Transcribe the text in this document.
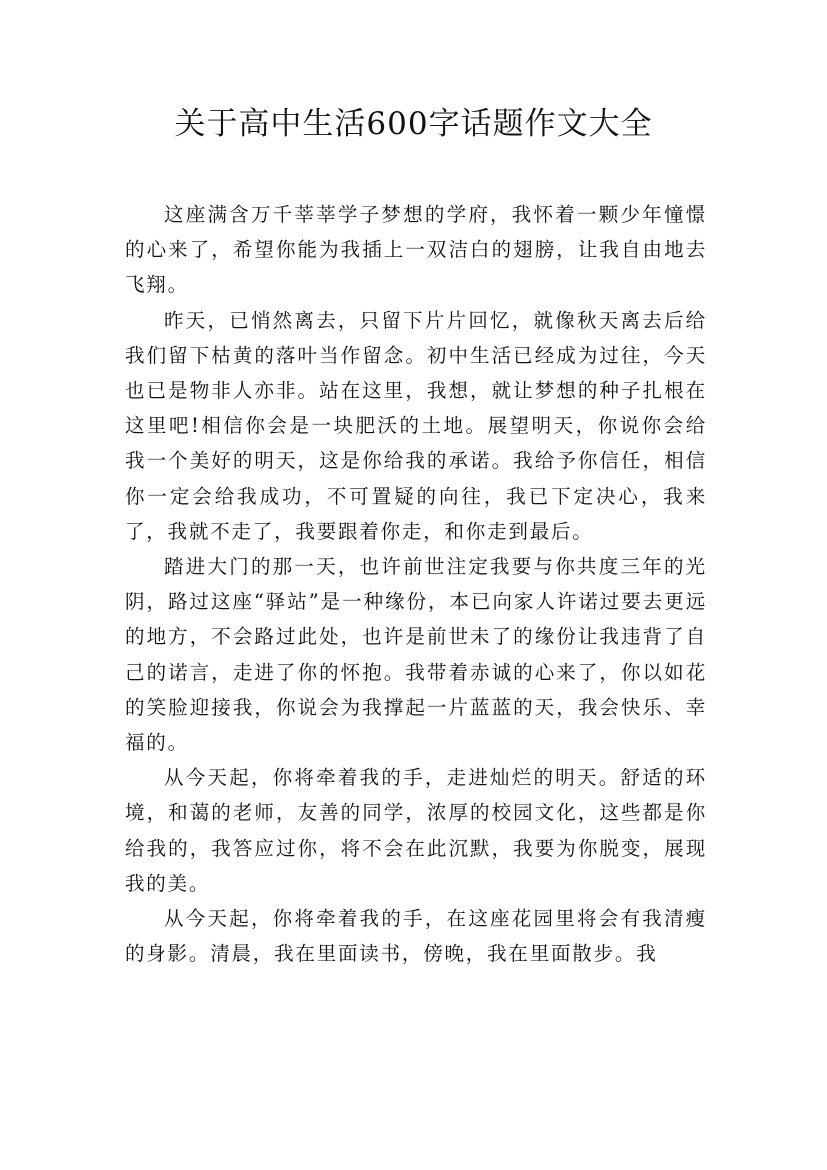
关于高中生活600字话题作文大全

这座满含万千莘莘学子梦想的学府，我怀着一颗少年憧憬的心来了，希望你能为我插上一双洁白的翅膀，让我自由地去飞翔。

昨天，已悄然离去，只留下片片回忆，就像秋天离去后给我们留下枯黄的落叶当作留念。初中生活已经成为过往，今天也已是物非人亦非。站在这里，我想，就让梦想的种子扎根在这里吧!相信你会是一块肥沃的土地。展望明天，你说你会给我一个美好的明天，这是你给我的承诺。我给予你信任，相信你一定会给我成功，不可置疑的向往，我已下定决心，我来了，我就不走了，我要跟着你走，和你走到最后。

踏进大门的那一天，也许前世注定我要与你共度三年的光阴，路过这座“驿站”是一种缘份，本已向家人许诺过要去更远的地方，不会路过此处，也许是前世未了的缘份让我违背了自己的诺言，走进了你的怀抱。我带着赤诚的心来了，你以如花的笑脸迎接我，你说会为我撑起一片蓝蓝的天，我会快乐、幸福的。

从今天起，你将牵着我的手，走进灿烂的明天。舒适的环境，和蔼的老师，友善的同学，浓厚的校园文化，这些都是你给我的，我答应过你，将不会在此沉默，我要为你脱变，展现我的美。

从今天起，你将牵着我的手，在这座花园里将会有我清瘦的身影。清晨，我在里面读书，傍晚，我在里面散步。我
